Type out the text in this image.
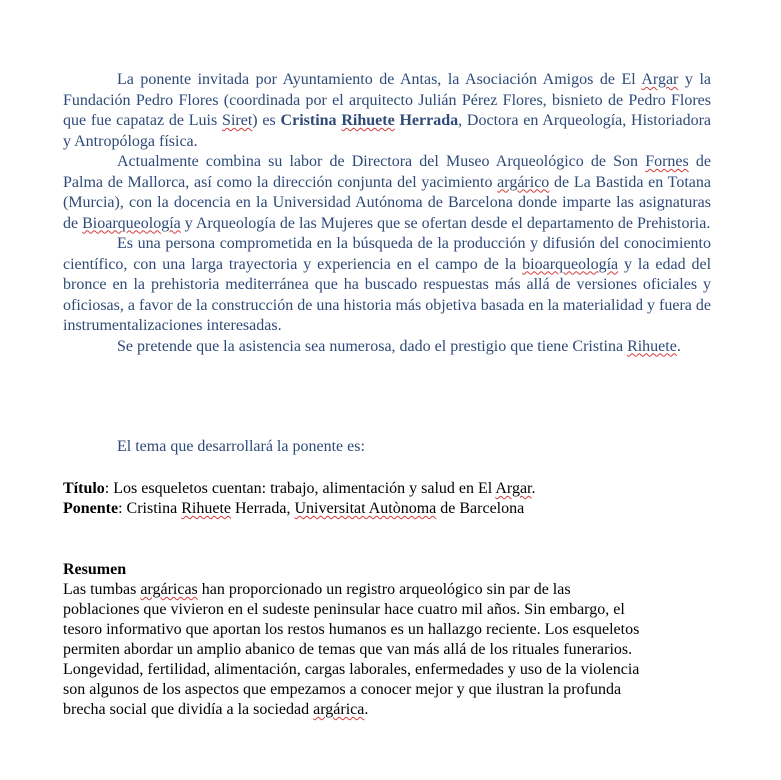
La ponente invitada por Ayuntamiento de Antas, la Asociación Amigos de El Argar y la Fundación Pedro Flores (coordinada por el arquitecto Julián Pérez Flores, bisnieto de Pedro Flores que fue capataz de Luis Siret) es Cristina Rihuete Herrada, Doctora en Arqueología, Historiadora y Antropóloga física.

Actualmente combina su labor de Directora del Museo Arqueológico de Son Fornes de Palma de Mallorca, así como la dirección conjunta del yacimiento argárico de La Bastida en Totana (Murcia), con la docencia en la Universidad Autónoma de Barcelona donde imparte las asignaturas de Bioarqueología y Arqueología de las Mujeres que se ofertan desde el departamento de Prehistoria.

Es una persona comprometida en la búsqueda de la producción y difusión del conocimiento científico, con una larga trayectoria y experiencia en el campo de la bioarqueología y la edad del bronce en la prehistoria mediterránea que ha buscado respuestas más allá de versiones oficiales y oficiosas, a favor de la construcción de una historia más objetiva basada en la materialidad y fuera de instrumentalizaciones interesadas.

Se pretende que la asistencia sea numerosa, dado el prestigio que tiene Cristina Rihuete.

El tema que desarrollará la ponente es:
Título: Los esqueletos cuentan: trabajo, alimentación y salud en El Argar.
Ponente: Cristina Rihuete Herrada, Universitat Autònoma de Barcelona
Resumen
Las tumbas argáricas han proporcionado un registro arqueológico sin par de las
poblaciones que vivieron en el sudeste peninsular hace cuatro mil años. Sin embargo, el
tesoro informativo que aportan los restos humanos es un hallazgo reciente. Los esqueletos
permiten abordar un amplio abanico de temas que van más allá de los rituales funerarios.
Longevidad, fertilidad, alimentación, cargas laborales, enfermedades y uso de la violencia
son algunos de los aspectos que empezamos a conocer mejor y que ilustran la profunda
brecha social que dividía a la sociedad argárica.
